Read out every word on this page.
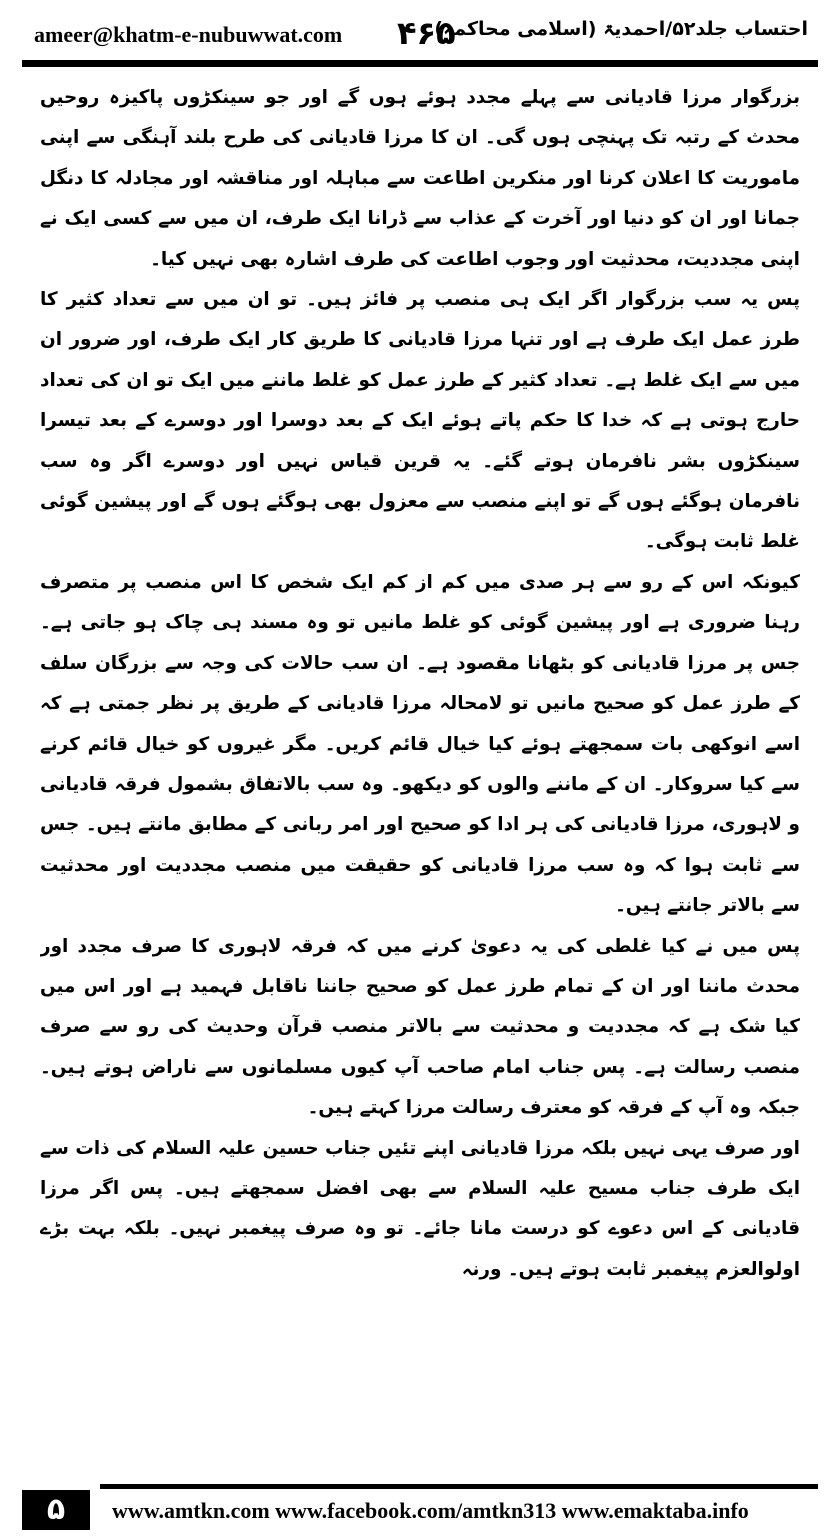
ameer@khatm-e-nubuwwat.com ۴۶۵
احتساب جلد۵۲/احمدیۃ (اسلامی محاکمہ)

بزرگوار مرزا قادیانی سے پہلے مجدد ہوئے ہوں گے اور جو سینکڑوں پاکیزہ روحیں محدث کے رتبہ تک پہنچی ہوں گی۔ ان کا مرزا قادیانی کی طرح بلند آہنگی سے اپنی ماموریت کا اعلان کرنا اور منکرین اطاعت سے مباہلہ اور مناقشہ اور مجادلہ کا دنگل جمانا اور ان کو دنیا اور آخرت کے عذاب سے ڈرانا ایک طرف، ان میں سے کسی ایک نے اپنی مجددیت، محدثیت اور وجوب اطاعت کی طرف اشارہ بھی نہیں کیا۔

پس یہ سب بزرگوار اگر ایک ہی منصب پر فائز ہیں۔ تو ان میں سے تعداد کثیر کا طرز عمل ایک طرف ہے اور تنہا مرزا قادیانی کا طریق کار ایک طرف، اور ضرور ان میں سے ایک غلط ہے۔ تعداد کثیر کے طرز عمل کو غلط ماننے میں ایک تو ان کی تعداد حارج ہوتی ہے کہ خدا کا حکم پاتے ہوئے ایک کے بعد دوسرا اور دوسرے کے بعد تیسرا سینکڑوں بشر نافرمان ہوتے گئے۔ یہ قرین قیاس نہیں اور دوسرے اگر وہ سب نافرمان ہوگئے ہوں گے تو اپنے منصب سے معزول بھی ہوگئے ہوں گے اور پیشین گوئی غلط ثابت ہوگی۔

کیونکہ اس کے رو سے ہر صدی میں کم از کم ایک شخص کا اس منصب پر متصرف رہنا ضروری ہے اور پیشین گوئی کو غلط مانیں تو وہ مسند ہی چاک ہو جاتی ہے۔ جس پر مرزا قادیانی کو بٹھانا مقصود ہے۔ ان سب حالات کی وجہ سے بزرگان سلف کے طرز عمل کو صحیح مانیں تو لامحالہ مرزا قادیانی کے طریق پر نظر جمتی ہے کہ اسے انوکھی بات سمجھتے ہوئے کیا خیال قائم کریں۔ مگر غیروں کو خیال قائم کرنے سے کیا سروکار۔ ان کے ماننے والوں کو دیکھو۔ وہ سب بالاتفاق بشمول فرقہ قادیانی و لاہوری، مرزا قادیانی کی ہر ادا کو صحیح اور امر ربانی کے مطابق مانتے ہیں۔ جس سے ثابت ہوا کہ وہ سب مرزا قادیانی کو حقیقت میں منصب مجددیت اور محدثیت سے بالاتر جانتے ہیں۔

پس میں نے کیا غلطی کی یہ دعویٰ کرنے میں کہ فرقہ لاہوری کا صرف مجدد اور محدث ماننا اور ان کے تمام طرز عمل کو صحیح جاننا ناقابل فہمید ہے اور اس میں کیا شک ہے کہ مجددیت و محدثیت سے بالاتر منصب قرآن وحدیث کی رو سے صرف منصب رسالت ہے۔ پس جناب امام صاحب آپ کیوں مسلمانوں سے ناراض ہوتے ہیں۔ جبکہ وہ آپ کے فرقہ کو معترف رسالت مرزا کہتے ہیں۔

اور صرف یہی نہیں بلکہ مرزا قادیانی اپنے تئیں جناب حسین علیہ السلام کی ذات سے ایک طرف جناب مسیح علیہ السلام سے بھی افضل سمجھتے ہیں۔ پس اگر مرزا قادیانی کے اس دعوے کو درست مانا جائے۔ تو وہ صرف پیغمبر نہیں۔ بلکہ بہت بڑے اولوالعزم پیغمبر ثابت ہوتے ہیں۔ ورنہ

۵	www.amtkn.com www.facebook.com/amtkn313 www.emaktaba.info
